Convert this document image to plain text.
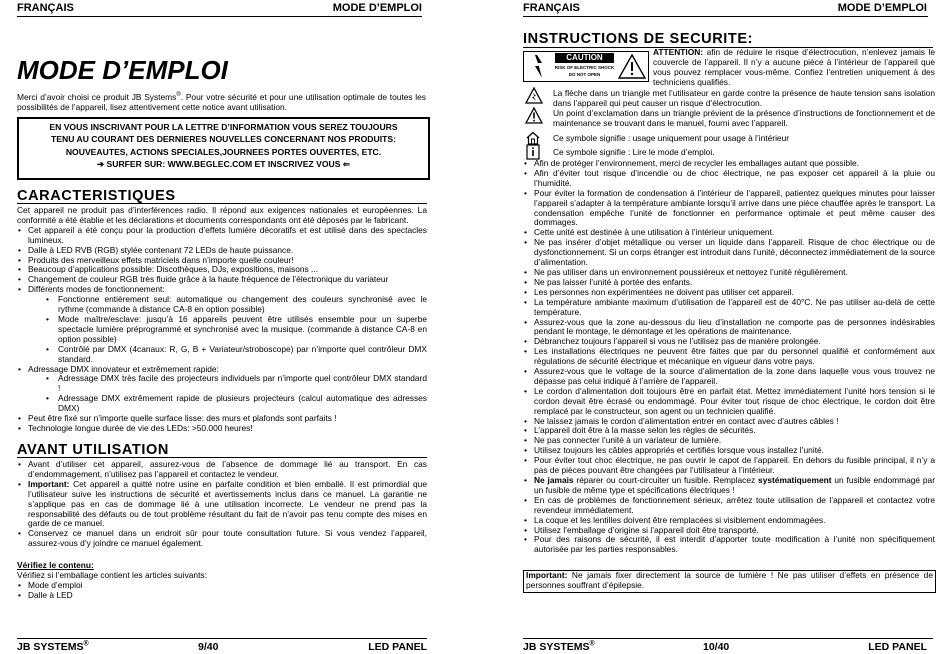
FRANÇAIS	MODE D’EMPLOI
MODE D’EMPLOI
Merci d’avoir choisi ce produit JB Systems®. Pour votre sécurité et pour une utilisation optimale de toutes les possibilités de l’appareil, lisez attentivement cette notice avant utilisation.
EN VOUS INSCRIVANT POUR LA LETTRE D’INFORMATION VOUS SEREZ TOUJOURS
TENU AU COURANT DES DERNIERES NOUVELLES CONCERNANT NOS PRODUITS:
NOUVEAUTES, ACTIONS SPECIALES,JOURNEES PORTES OUVERTES, ETC.
➔ SURFER SUR: WWW.BEGLEC.COM ET INSCRIVEZ VOUS ⇐
CARACTERISTIQUES

Cet appareil ne produit pas d’interférences radio. Il répond aux exigences nationales et européennes. La conformité a été établie et les déclarations et documents correspondants ont été déposés par le fabricant.

• Cet appareil a été conçu pour la production d’effets lumière décoratifs et est utilisé dans des spectacles lumineux.
• Dalle à LED RVB (RGB) stylée contenant 72 LEDs de haute puissance.
• Produits des merveilleux effets matriciels dans n’importe quelle couleur!
• Beaucoup d’applications possible: Discothèques, DJs, expositions, maisons ...
• Changement de couleur RGB très fluide grâce à la haute fréquence de l’électronique du variateur
• Différents modes de fonctionnement:
• Fonctionne entièrement seul: automatique ou changement des couleurs synchronisé avec le rythme (commande à distance CA-8 en option possible)
• Mode maître/esclave: jusqu’à 16 appareils peuvent être utilisés ensemble pour un superbe spectacle lumière préprogrammé et synchronisé avec la musique. (commande à distance CA-8 en option possible)
• Contrôlé par DMX (4canaux: R, G, B + Variateur/stroboscope) par n’importe quel contrôleur DMX standard.
• Adressage DMX innovateur et extrêmement rapide:
• Adressage DMX très facile des projecteurs individuels par n’importe quel contrôleur DMX standard !
• Adressage DMX extrêmement rapide de plusieurs projecteurs (calcul automatique des adresses DMX)
• Peut être fixé sur n’importe quelle surface lisse: des murs et plafonds sont parfaits !
• Technologie longue durée de vie des LEDs: >50.000 heures!
AVANT UTILISATION
• Avant d’utiliser cet appareil, assurez-vous de l’absence de dommage lié au transport. En cas d’endommagement, n’utilisez pas l’appareil et contactez le vendeur.
• Important: Cet appareil a quitté notre usine en parfaite condition et bien emballé. Il est primordial que l’utilisateur suive les instructions de sécurité et avertissements inclus dans ce manuel. La garantie ne s’applique pas en cas de dommage lié à une utilisation incorrecte. Le vendeur ne prend pas la responsabilité des défauts ou de tout problème résultant du fait de n’avoir pas tenu compte des mises en garde de ce manuel.
• Conservez ce manuel dans un endroit sûr pour toute consultation future. Si vous vendez l’appareil, assurez-vous d’y joindre ce manuel également.

Vérifiez le contenu:

Vérifiez si l’emballage contient les articles suivants:

• Mode d’emploi
• Dalle à LED
JB SYSTEMS®	9/40	LED PANEL
FRANÇAIS	MODE D’EMPLOI
INSTRUCTIONS DE SECURITE:
CAUTION
RISK OF ELECTRIC SHOCK
DO NOT OPEN
ATTENTION: afin de réduire le risque d’électrocution, n’enlevez jamais le couvercle de l’appareil. Il n’y a aucune pièce à l’intérieur de l’appareil que vous pouvez remplacer vous-même. Confiez l’entretien uniquement à des techniciens qualifiés.
La flèche dans un triangle met l’utilisateur en garde contre la présence de haute tension sans isolation dans l’appareil qui peut causer un risque d’électrocution.
Un point d’exclamation dans un triangle prévient de la présence d’instructions de fonctionnement et de maintenance se trouvant dans le manuel, fourni avec l’appareil.
Ce symbole signifie : usage uniquement pour usage à l’intérieur
Ce symbole signifie : Lire le mode d’emploi.
• Afin de protéger l’environnement, merci de recycler les emballages autant que possible.
• Afin d’éviter tout risque d’incendie ou de choc électrique, ne pas exposer cet appareil à la pluie ou l’humidité.
• Pour éviter la formation de condensation à l’intérieur de l’appareil, patientez quelques minutes pour laisser l’appareil s’adapter à la température ambiante lorsqu’il arrive dans une pièce chauffée après le transport. La condensation empêche l’unité de fonctionner en performance optimale et peut même causer des dommages.
• Cette unité est destinée à une utilisation à l’intérieur uniquement.
• Ne pas insérer d’objet métallique ou verser un liquide dans l’appareil. Risque de choc électrique ou de dysfonctionnement. Si un corps étranger est introduit dans l’unité, déconnectez immédiatement de la source d’alimentation.
• Ne pas utiliser dans un environnement poussiéreux et nettoyez l’unité régulièrement.
• Ne pas laisser l’unité à portée des enfants.
• Les personnes non expérimentées ne doivent pas utiliser cet appareil.
• La température ambiante maximum d’utilisation de l’appareil est de 40°C. Ne pas utiliser au-delà de cette température.
• Assurez-vous que la zone au-dessous du lieu d’installation ne comporte pas de personnes indésirables pendant le montage, le démontage et les opérations de maintenance.
• Débranchez toujours l’appareil si vous ne l’utilisez pas de manière prolongée.
• Les installations électriques ne peuvent être faites que par du personnel qualifié et conformément aux régulations de sécurité électrique et mécanique en vigueur dans votre pays.
• Assurez-vous que le voltage de la source d’alimentation de la zone dans laquelle vous vous trouvez ne dépasse pas celui indiqué à l’arrière de l’appareil.
• Le cordon d’alimentation doit toujours être en parfait état. Mettez immédiatement l’unité hors tension si le cordon devait être écrasé ou endommagé. Pour éviter tout risque de choc électrique, le cordon doit être remplacé par le constructeur, son agent ou un technicien qualifié.
• Ne laissez jamais le cordon d’alimentation entrer en contact avec d’autres câbles !
• L’appareil doit être à la masse selon les règles de sécurités.
• Ne pas connecter l’unité à un variateur de lumière.
• Utilisez toujours les câbles appropriés et certifiés lorsque vous installez l’unité.
• Pour éviter tout choc électrique, ne pas ouvrir le capot de l’appareil. En dehors du fusible principal, il n’y a pas de pièces pouvant être changées par l’utilisateur à l’intérieur.
• Ne jamais réparer ou court-circuiter un fusible. Remplacez systématiquement un fusible endommagé par un fusible de même type et spécifications électriques !
• En cas de problèmes de fonctionnement sérieux, arrêtez toute utilisation de l’appareil et contactez votre revendeur immédiatement.
• La coque et les lentilles doivent être remplacées si visiblement endommagées.
• Utilisez l’emballage d’origine si l’appareil doit être transporté.
• Pour des raisons de sécurité, il est interdit d’apporter toute modification à l’unité non spécifiquement autorisée par les parties responsables.
Important: Ne jamais fixer directement la source de lumière ! Ne pas utiliser d’effets en présence de personnes souffrant d’épilepsie.
JB SYSTEMS®	10/40	LED PANEL
